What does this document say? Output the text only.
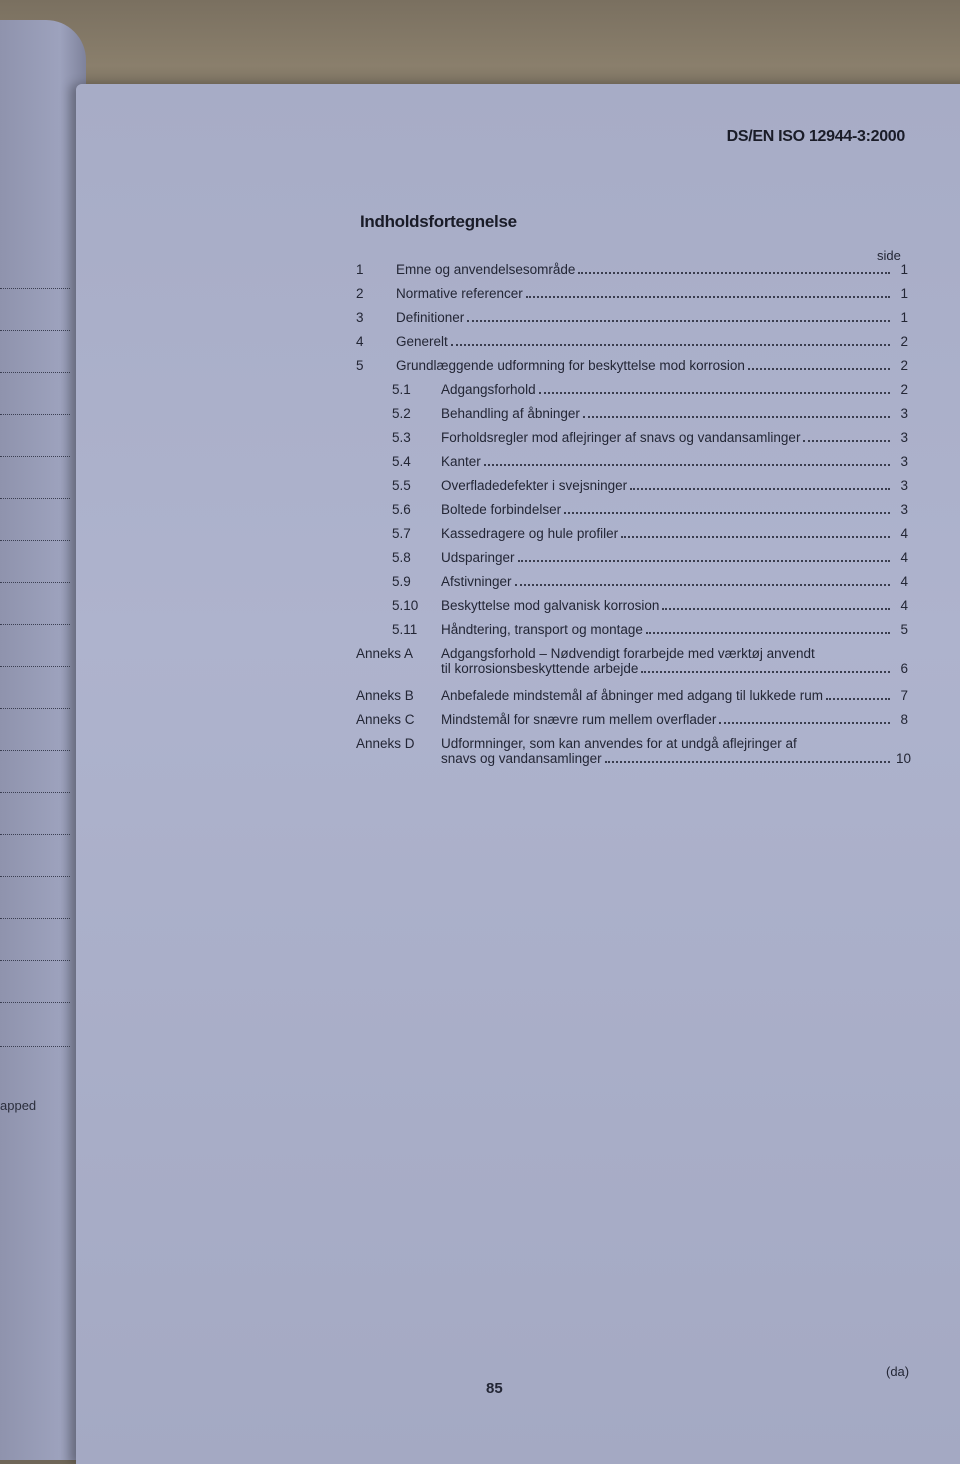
apped
DS/EN ISO 12944-3:2000
Indholdsfortegnelse
side
1	Emne og anvendelsesområde	1
2	Normative referencer	1
3	Definitioner	1
4	Generelt	2
5	Grundlæggende udformning for beskyttelse mod korrosion	2
5.1	Adgangsforhold	2
5.2	Behandling af åbninger	3
5.3	Forholdsregler mod aflejringer af snavs og vandansamlinger	3
5.4	Kanter	3
5.5	Overfladedefekter i svejsninger	3
5.6	Boltede forbindelser	3
5.7	Kassedragere og hule profiler	4
5.8	Udsparinger	4
5.9	Afstivninger	4
5.10	Beskyttelse mod galvanisk korrosion	4
5.11	Håndtering, transport og montage	5
Anneks A	Adgangsforhold – Nødvendigt forarbejde med værktøj anvendt
til korrosionsbeskyttende arbejde	6
Anneks B	Anbefalede mindstemål af åbninger med adgang til lukkede rum	7
Anneks C	Mindstemål for snævre rum mellem overflader	8
Anneks D	Udformninger, som kan anvendes for at undgå aflejringer af
snavs og vandansamlinger	10
85
(da)
